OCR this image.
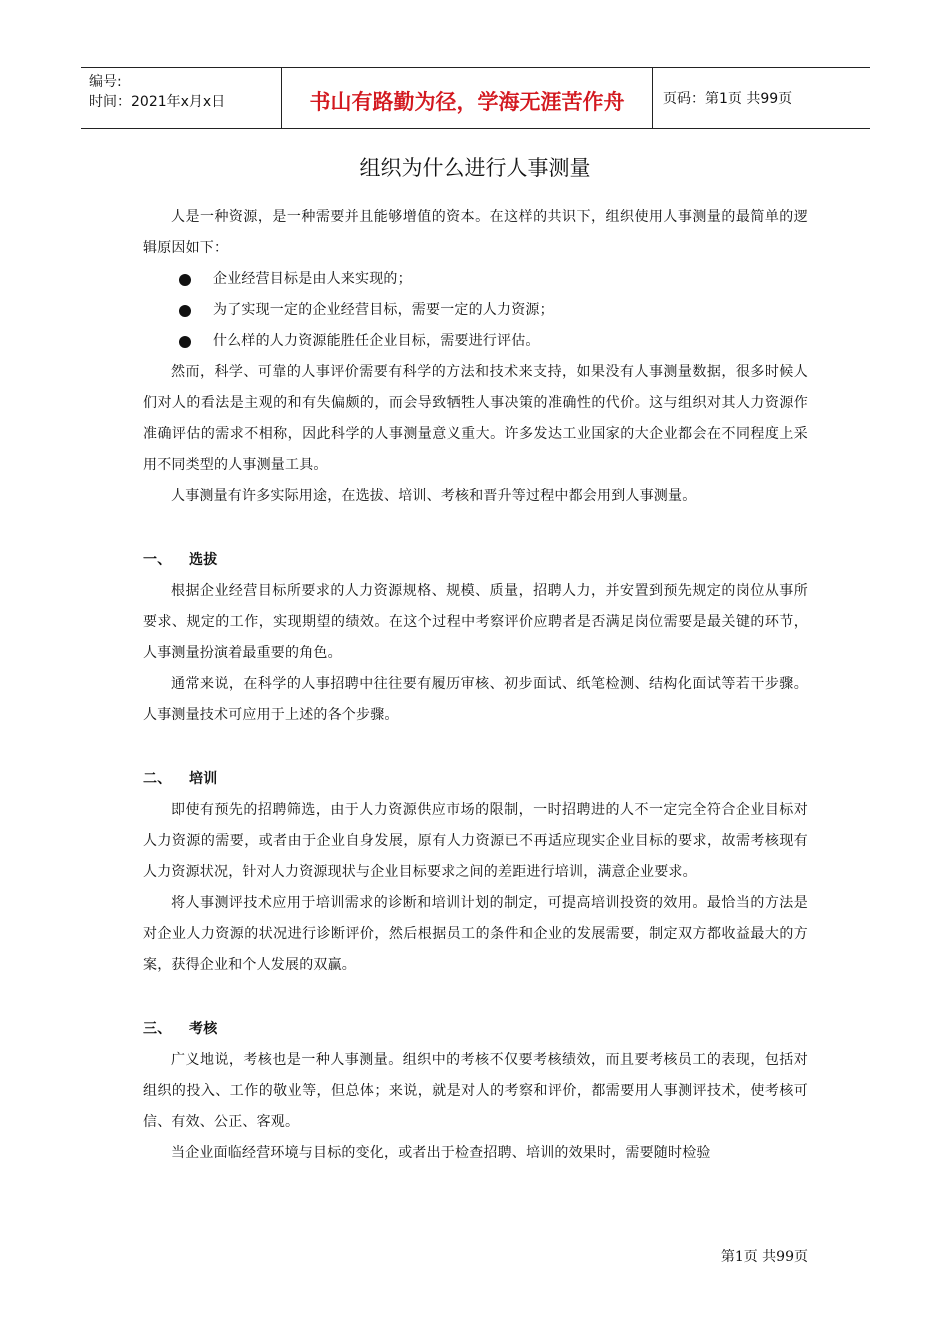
编号:
时间：2021年x月x日	书山有路勤为径，学海无涯苦作舟	页码：第1页 共99页
组织为什么进行人事测量

人是一种资源，是一种需要并且能够增值的资本。在这样的共识下，组织使用人事测量的最简单的逻辑原因如下：

企业经营目标是由人来实现的；
为了实现一定的企业经营目标，需要一定的人力资源；
什么样的人力资源能胜任企业目标，需要进行评估。

然而，科学、可靠的人事评价需要有科学的方法和技术来支持，如果没有人事测量数据，很多时候人们对人的看法是主观的和有失偏颇的，而会导致牺牲人事决策的准确性的代价。这与组织对其人力资源作准确评估的需求不相称，因此科学的人事测量意义重大。许多发达工业国家的大企业都会在不同程度上采用不同类型的人事测量工具。

人事测量有许多实际用途，在选拔、培训、考核和晋升等过程中都会用到人事测量。

一、	选拔

根据企业经营目标所要求的人力资源规格、规模、质量，招聘人力，并安置到预先规定的岗位从事所要求、规定的工作，实现期望的绩效。在这个过程中考察评价应聘者是否满足岗位需要是最关键的环节，人事测量扮演着最重要的角色。

通常来说，在科学的人事招聘中往往要有履历审核、初步面试、纸笔检测、结构化面试等若干步骤。人事测量技术可应用于上述的各个步骤。

二、	培训

即使有预先的招聘筛选，由于人力资源供应市场的限制，一时招聘进的人不一定完全符合企业目标对人力资源的需要，或者由于企业自身发展，原有人力资源已不再适应现实企业目标的要求，故需考核现有人力资源状况，针对人力资源现状与企业目标要求之间的差距进行培训，满意企业要求。

将人事测评技术应用于培训需求的诊断和培训计划的制定，可提高培训投资的效用。最恰当的方法是对企业人力资源的状况进行诊断评价，然后根据员工的条件和企业的发展需要，制定双方都收益最大的方案，获得企业和个人发展的双赢。

三、	考核

广义地说，考核也是一种人事测量。组织中的考核不仅要考核绩效，而且要考核员工的表现，包括对组织的投入、工作的敬业等，但总体；来说，就是对人的考察和评价，都需要用人事测评技术，使考核可信、有效、公正、客观。

当企业面临经营环境与目标的变化，或者出于检查招聘、培训的效果时，需要随时检验

第1页 共99页
